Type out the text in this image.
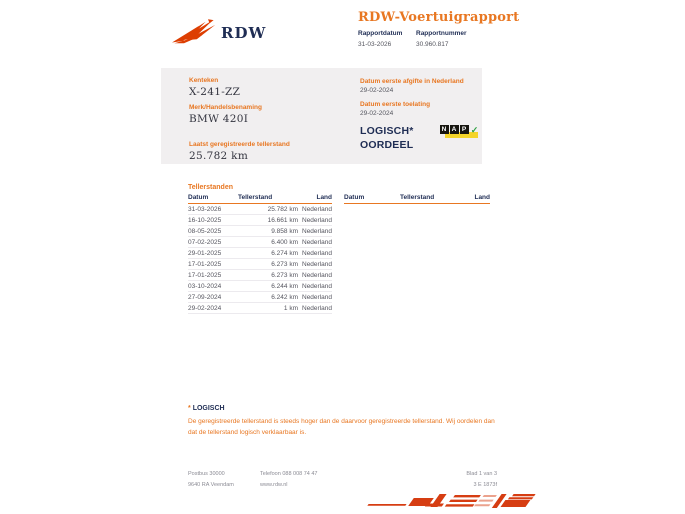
RDW
RDW-Voertuigrapport
Rapportdatum
31-03-2026
Rapportnummer
30.960.817
Kenteken
X-241-ZZ
Merk/Handelsbenaming
BMW 420I
Laatst geregistreerde tellerstand
25.782 km
Datum eerste afgifte in Nederland
29-02-2024
Datum eerste toelating
29-02-2024
LOGISCH*
OORDEEL
N A P ✓
Tellerstanden
Datum	Tellerstand	Land
31-03-2026	25.782 km Nederland
16-10-2025	16.661 km Nederland
08-05-2025	9.858 km Nederland
07-02-2025	6.400 km Nederland
29-01-2025	6.274 km Nederland
17-01-2025	6.273 km Nederland
17-01-2025	6.273 km Nederland
03-10-2024	6.244 km Nederland
27-09-2024	6.242 km Nederland
29-02-2024	1 km Nederland
Datum	Tellerstand	Land
* LOGISCH
De geregistreerde tellerstand is steeds hoger dan de daarvoor geregistreerde tellerstand. Wij oordelen dan dat de tellerstand logisch verklaarbaar is.
Postbus 30000
9640 RA Veendam
Telefoon 088 008 74 47
www.rdw.nl
Blad 1 van 3
3 E 1873f
